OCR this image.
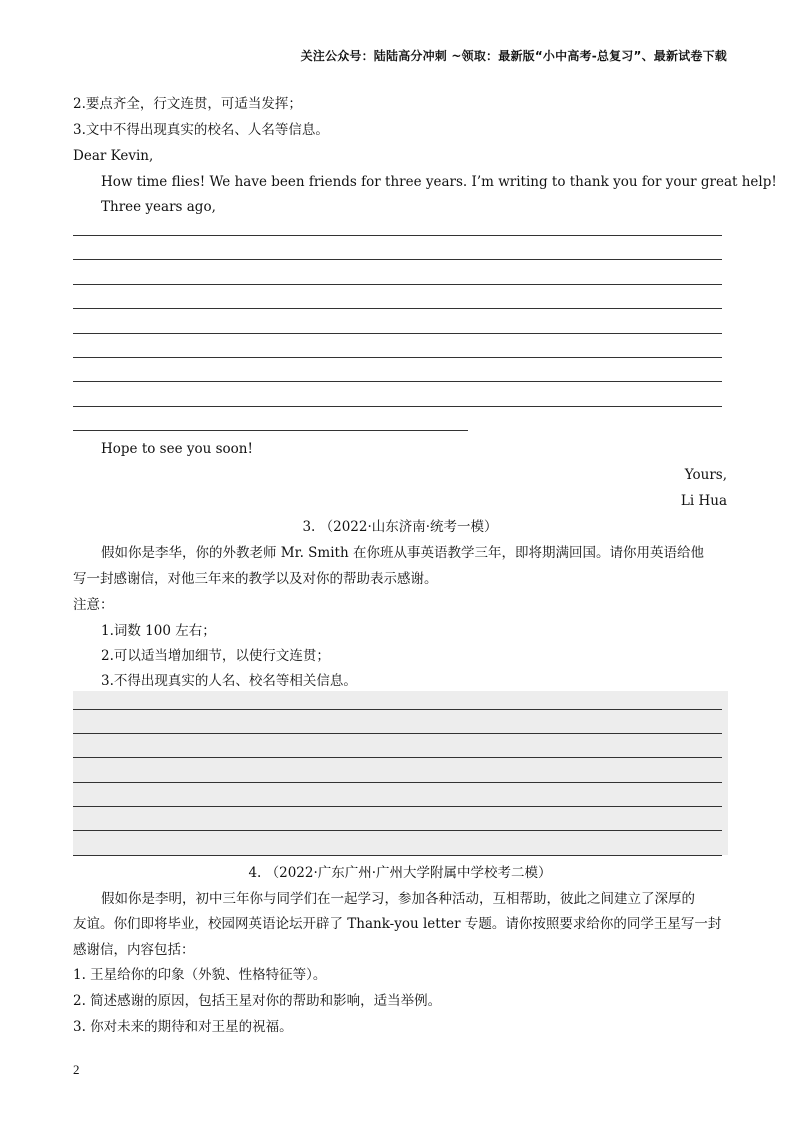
关注公众号：陆陆高分冲刺 ~领取：最新版“小中高考-总复习”、最新试卷下载
2.要点齐全，行文连贯，可适当发挥；
3.文中不得出现真实的校名、人名等信息。
Dear Kevin,
How time flies! We have been friends for three years. I’m writing to thank you for your great help!
Three years ago,
Hope to see you soon!
Yours,
Li Hua
3. （2022·山东济南·统考一模）
假如你是李华，你的外教老师 Mr. Smith 在你班从事英语教学三年，即将期满回国。请你用英语给他
写一封感谢信，对他三年来的教学以及对你的帮助表示感谢。
注意：
1.词数 100 左右；
2.可以适当增加细节，以使行文连贯；
3.不得出现真实的人名、校名等相关信息。
4. （2022·广东广州·广州大学附属中学校考二模）
假如你是李明，初中三年你与同学们在一起学习，参加各种活动，互相帮助，彼此之间建立了深厚的
友谊。你们即将毕业，校园网英语论坛开辟了 Thank-you letter 专题。请你按照要求给你的同学王星写一封
感谢信，内容包括：
1. 王星给你的印象（外貌、性格特征等）。
2. 简述感谢的原因，包括王星对你的帮助和影响，适当举例。
3. 你对未来的期待和对王星的祝福。
2
